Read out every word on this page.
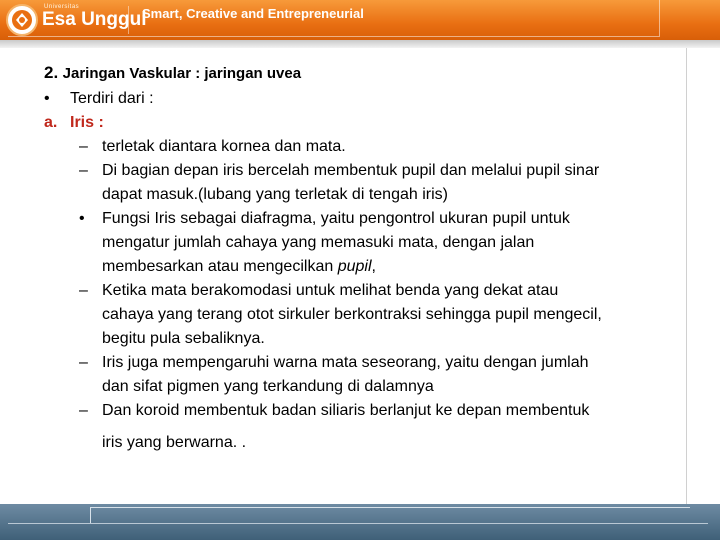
Universitas
Esa Unggul
Smart, Creative and Entrepreneurial
2. Jaringan Vaskular : jaringan uvea
• Terdiri dari :
a. Iris :
– terletak diantara kornea dan mata.
– Di bagian depan iris bercelah membentuk pupil dan melalui pupil sinar
dapat masuk.(lubang yang terletak di tengah iris)
• Fungsi Iris sebagai diafragma, yaitu pengontrol ukuran pupil untuk
mengatur jumlah cahaya yang memasuki mata, dengan jalan
membesarkan atau mengecilkan pupil,
– Ketika mata berakomodasi untuk melihat benda yang dekat atau
cahaya yang terang otot sirkuler berkontraksi sehingga pupil mengecil,
begitu pula sebaliknya.
– Iris juga mempengaruhi warna mata seseorang, yaitu dengan jumlah
dan sifat pigmen yang terkandung di dalamnya
– Dan koroid membentuk badan siliaris berlanjut ke depan membentuk
iris yang berwarna. .
